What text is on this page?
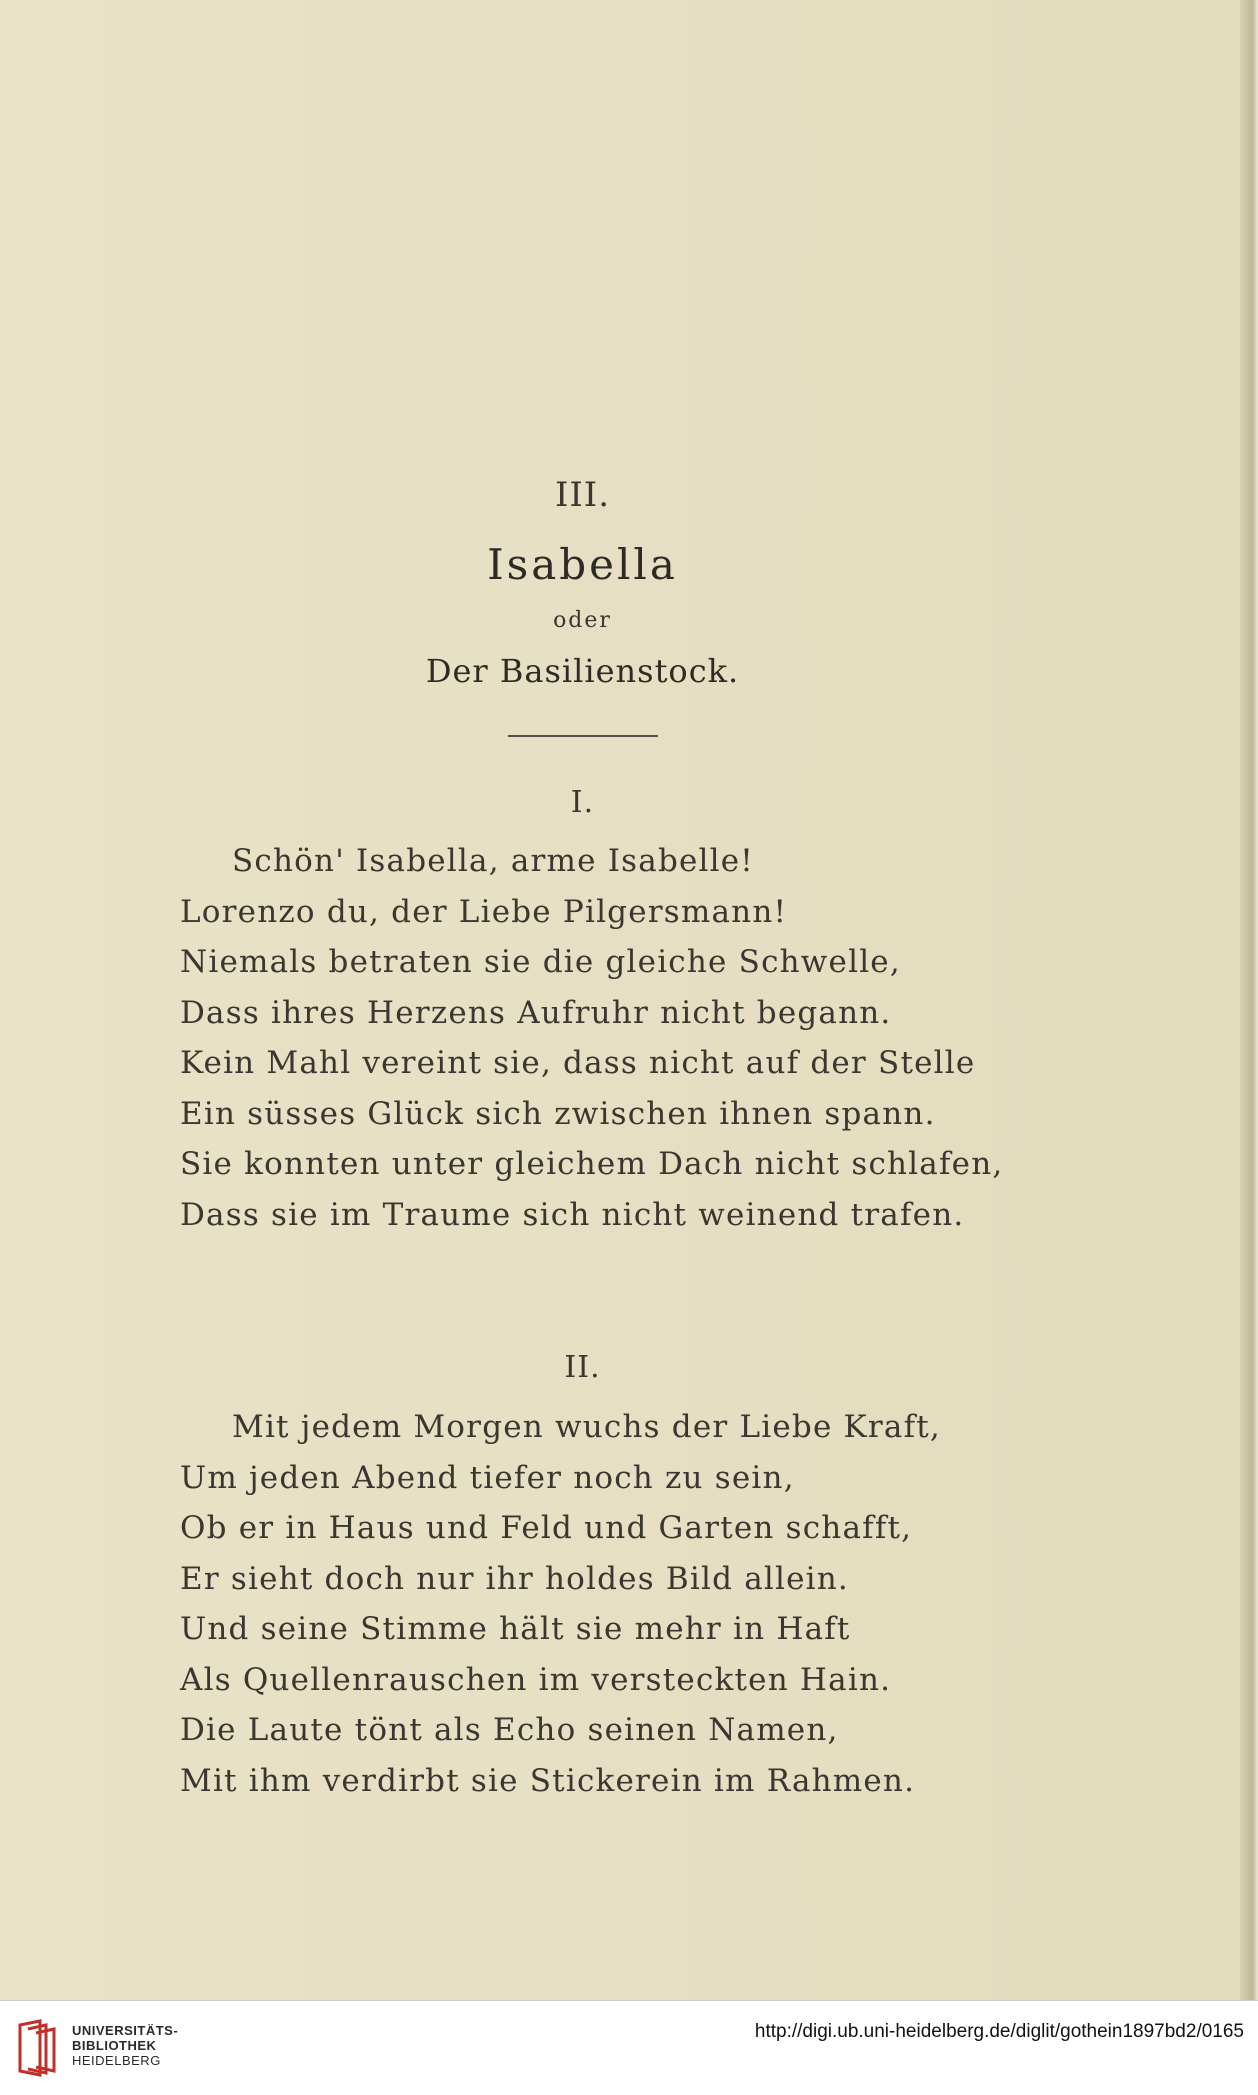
III.
Isabella
oder
Der Basilienstock.
I.
Schön' Isabella, arme Isabelle!
Lorenzo du, der Liebe Pilgersmann!
Niemals betraten sie die gleiche Schwelle,
Dass ihres Herzens Aufruhr nicht begann.
Kein Mahl vereint sie, dass nicht auf der Stelle
Ein süsses Glück sich zwischen ihnen spann.
Sie konnten unter gleichem Dach nicht schlafen,
Dass sie im Traume sich nicht weinend trafen.
II.
Mit jedem Morgen wuchs der Liebe Kraft,
Um jeden Abend tiefer noch zu sein,
Ob er in Haus und Feld und Garten schafft,
Er sieht doch nur ihr holdes Bild allein.
Und seine Stimme hält sie mehr in Haft
Als Quellenrauschen im versteckten Hain.
Die Laute tönt als Echo seinen Namen,
Mit ihm verdirbt sie Stickerein im Rahmen.
UNIVERSITÄTS-
BIBLIOTHEK
HEIDELBERG
http://digi.ub.uni-heidelberg.de/diglit/gothein1897bd2/0165
